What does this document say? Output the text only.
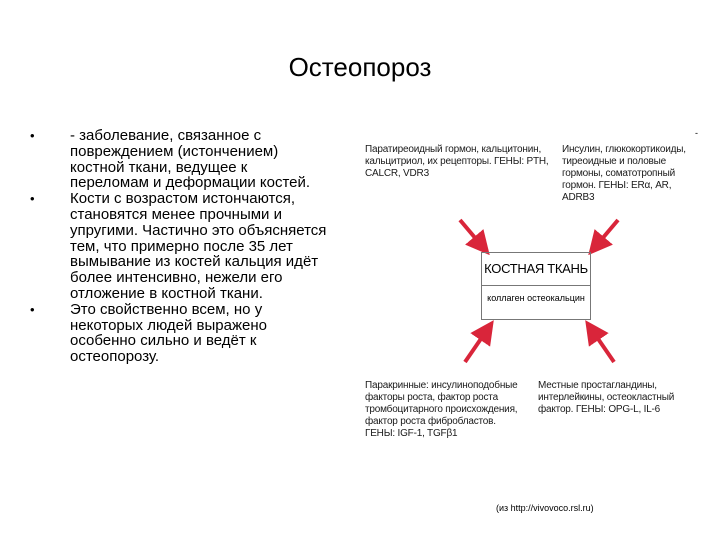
Остеопороз
• - заболевание, связанное с повреждением (истончением) костной ткани, ведущее к переломам и деформации костей.
• Кости с возрастом истончаются, становятся менее прочными и упругими. Частично это объясняется тем, что примерно после 35 лет вымывание из костей кальция идёт более интенсивно, нежели его отложение в костной ткани.
• Это свойственно всем, но у некоторых людей выражено особенно сильно и ведёт к остеопорозу.
-
Паратиреоидный гормон, кальцитонин, кальцитриол, их рецепторы. ГЕНЫ: PTH, CALCR, VDR3
Инсулин, глюкокортикоиды, тиреоидные и половые гормоны, соматотропный гормон. ГЕНЫ: ERα, AR, ADRB3
КОСТНАЯ ТКАНЬ
коллаген остеокальцин
Паракринные: инсулиноподобные факторы роста, фактор роста тромбоцитарного происхождения, фактор роста фибробластов. ГЕНЫ: IGF-1, TGFβ1
Местные простагландины, интерлейкины, остеокластный фактор. ГЕНЫ: OPG-L, IL-6
(из http://vivovoco.rsl.ru)
